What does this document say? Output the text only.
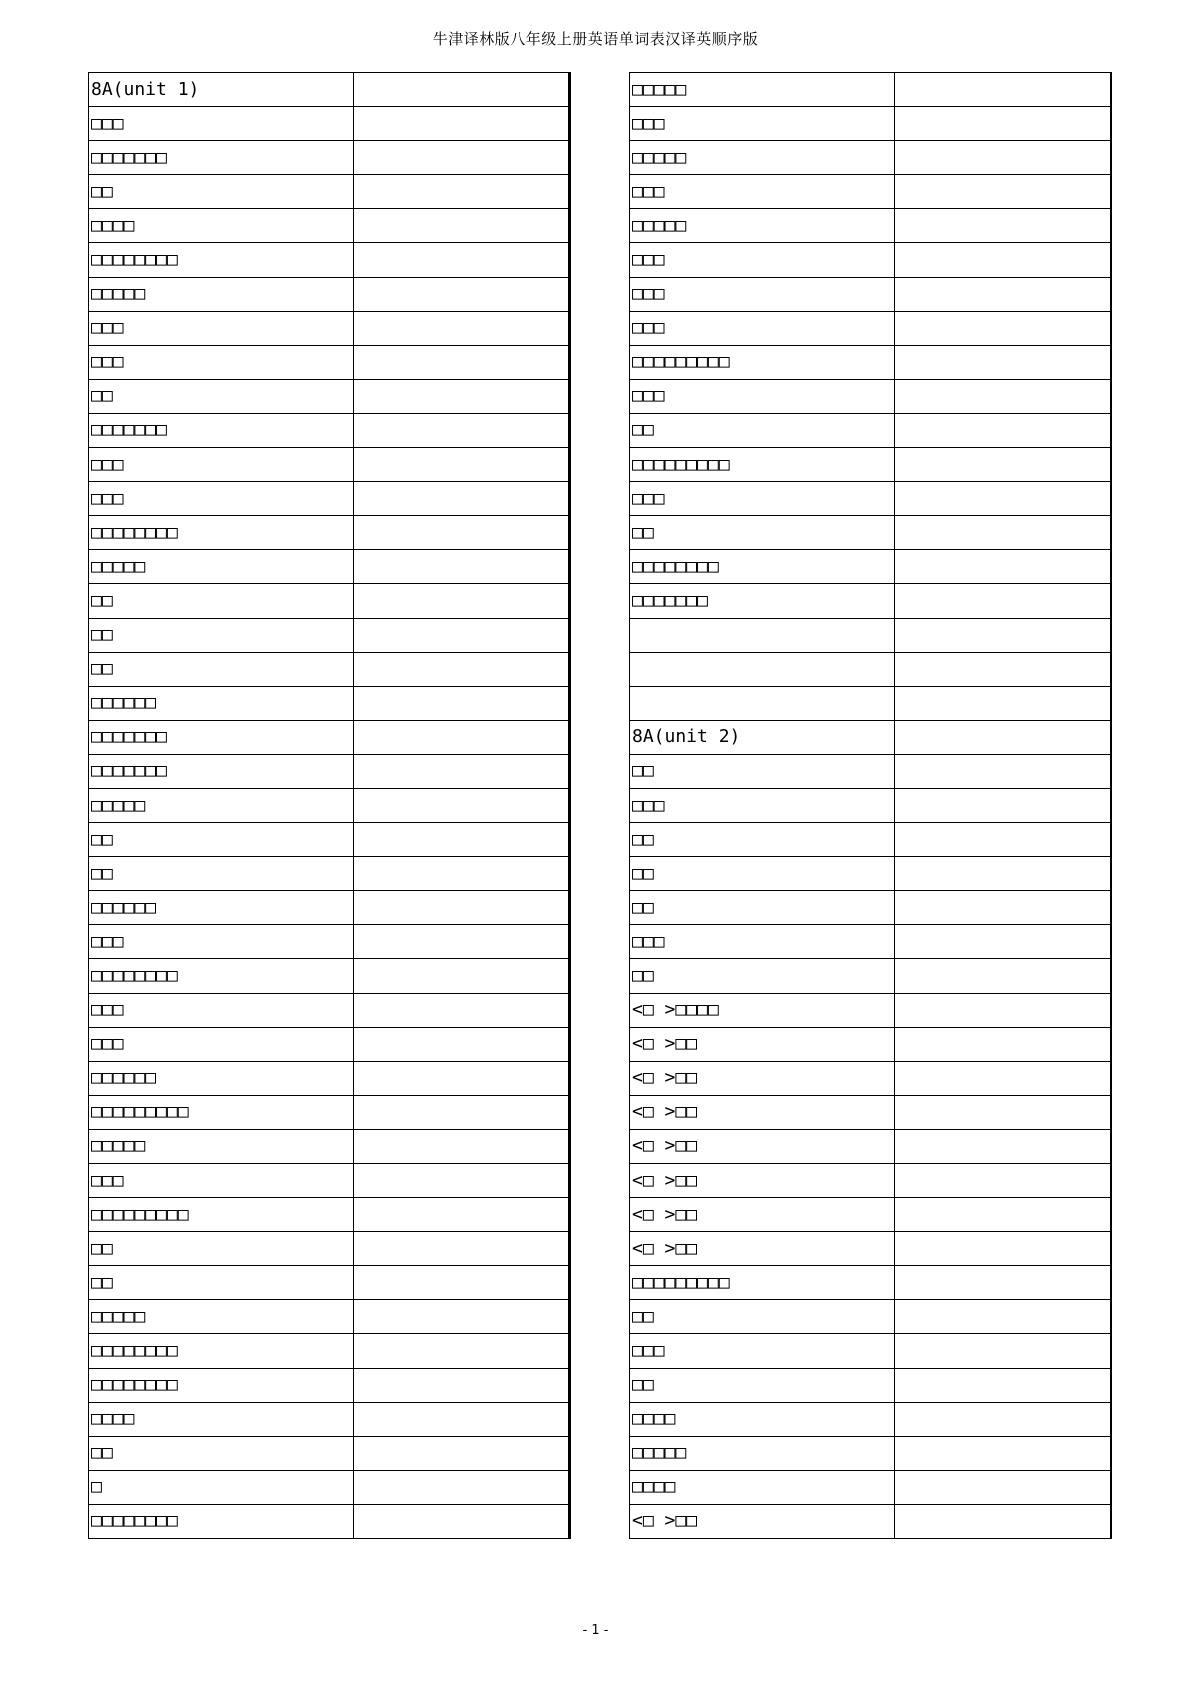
牛津译林版八年级上册英语单词表汉译英顺序版
8A(unit 1)	
□□□	
□□□□□□□	
□□	
□□□□	
□□□□□□□□	
□□□□□	
□□□	
□□□	
□□	
□□□□□□□	
□□□	
□□□	
□□□□□□□□	
□□□□□	
□□	
□□	
□□	
□□□□□□	
□□□□□□□	
□□□□□□□	
□□□□□	
□□	
□□	
□□□□□□	
□□□	
□□□□□□□□	
□□□	
□□□	
□□□□□□	
□□□□□□□□□	
□□□□□	
□□□	
□□□□□□□□□	
□□	
□□	
□□□□□	
□□□□□□□□	
□□□□□□□□	
□□□□	
□□	
□	
□□□□□□□□	
□□□□□	
□□□	
□□□□□	
□□□	
□□□□□	
□□□	
□□□	
□□□	
□□□□□□□□□	
□□□	
□□	
□□□□□□□□□	
□□□	
□□	
□□□□□□□□	
□□□□□□□	

8A(unit 2)	
□□	
□□□	
□□	
□□	
□□	
□□□	
□□	
<□ >□□□□	
<□ >□□	
<□ >□□	
<□ >□□	
<□ >□□	
<□ >□□	
<□ >□□	
<□ >□□	
□□□□□□□□□	
□□	
□□□	
□□	
□□□□	
□□□□□	
□□□□	
<□ >□□	
- 1 -
